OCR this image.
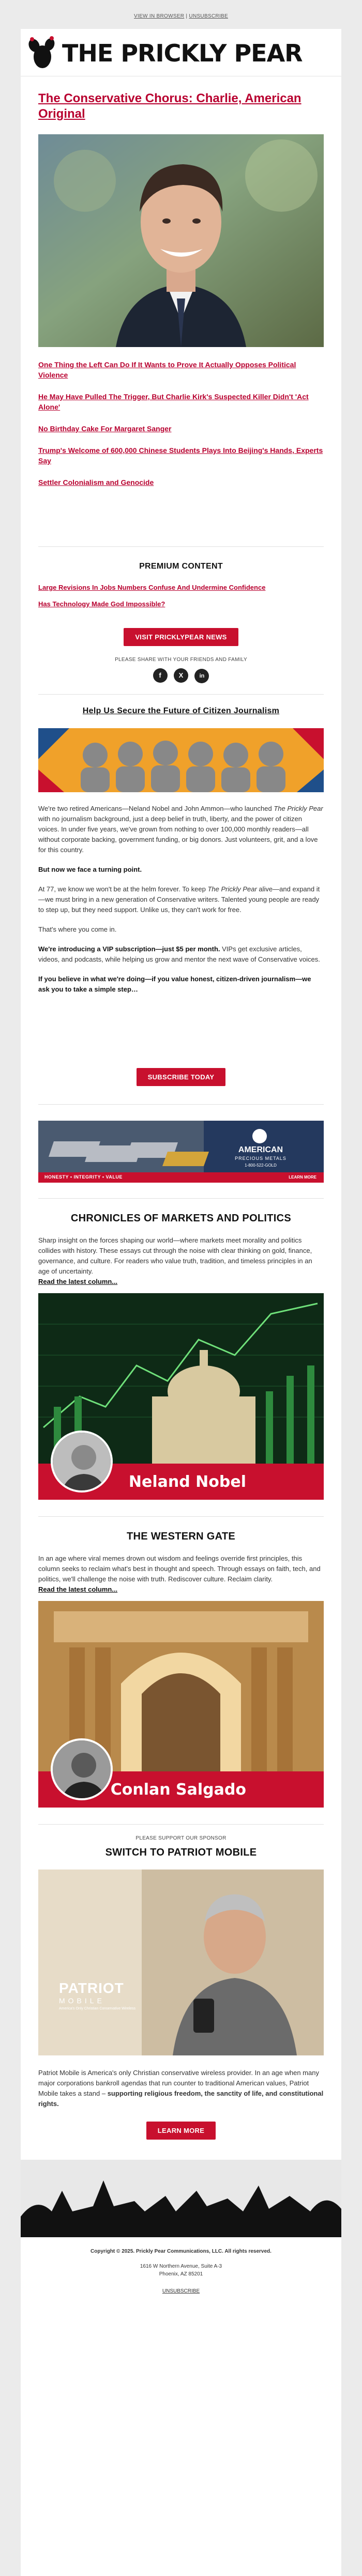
VIEW IN BROWSER | UNSUBSCRIBE
THE PRICKLY PEAR
The Conservative Chorus: Charlie, American Original
One Thing the Left Can Do If It Wants to Prove It Actually Opposes Political Violence
He May Have Pulled The Trigger, But Charlie Kirk's Suspected Killer Didn't 'Act Alone'
No Birthday Cake For Margaret Sanger
Trump's Welcome of 600,000 Chinese Students Plays Into Beijing's Hands, Experts Say
Settler Colonialism and Genocide
PREMIUM CONTENT
Large Revisions In Jobs Numbers Confuse And Undermine Confidence
Has Technology Made God Impossible?
VISIT PRICKLYPEAR NEWS
PLEASE SHARE WITH YOUR FRIENDS AND FAMILY
f	X	in
Help Us Secure the Future of Citizen Journalism

We're two retired Americans—Neland Nobel and John Ammon—who launched The Prickly Pear with no journalism background, just a deep belief in truth, liberty, and the power of citizen voices. In under five years, we've grown from nothing to over 100,000 monthly readers—all without corporate backing, government funding, or big donors. Just volunteers, grit, and a love for this country.

But now we face a turning point.

At 77, we know we won't be at the helm forever. To keep The Prickly Pear alive—and expand it—we must bring in a new generation of Conservative writers. Talented young people are ready to step up, but they need support. Unlike us, they can't work for free.

That's where you come in.

We're introducing a VIP subscription—just $5 per month. VIPs get exclusive articles, videos, and podcasts, while helping us grow and mentor the next wave of Conservative voices.

If you believe in what we're doing—if you value honest, citizen-driven journalism—we ask you to take a simple step…

SUBSCRIBE TODAY
AMERICAN
PRECIOUS METALS
1-800-522-GOLD
HONESTY • INTEGRITY • VALUE	LEARN MORE
CHRONICLES OF MARKETS AND POLITICS
Sharp insight on the forces shaping our world—where markets meet morality and politics collides with history. These essays cut through the noise with clear thinking on gold, finance, governance, and culture. For readers who value truth, tradition, and timeless principles in an age of uncertainty.
Read the latest column...
Neland Nobel
THE WESTERN GATE
In an age where viral memes drown out wisdom and feelings override first principles, this column seeks to reclaim what's best in thought and speech. Through essays on faith, tech, and politics, we'll challenge the noise with truth. Rediscover culture. Reclaim clarity.
Read the latest column...
Conlan Salgado
PLEASE SUPPORT OUR SPONSOR
SWITCH TO PATRIOT MOBILE
PATRIOT
MOBILE
America's Only Christian Conservative Wireless
Patriot Mobile is America's only Christian conservative wireless provider. In an age when many major corporations bankroll agendas that run counter to traditional American values, Patriot Mobile takes a stand – supporting religious freedom, the sanctity of life, and constitutional rights.
LEARN MORE
Copyright © 2025. Prickly Pear Communications, LLC. All rights reserved.
1616 W Northern Avenue, Suite A-3
Phoenix, AZ 85201
UNSUBSCRIBE
